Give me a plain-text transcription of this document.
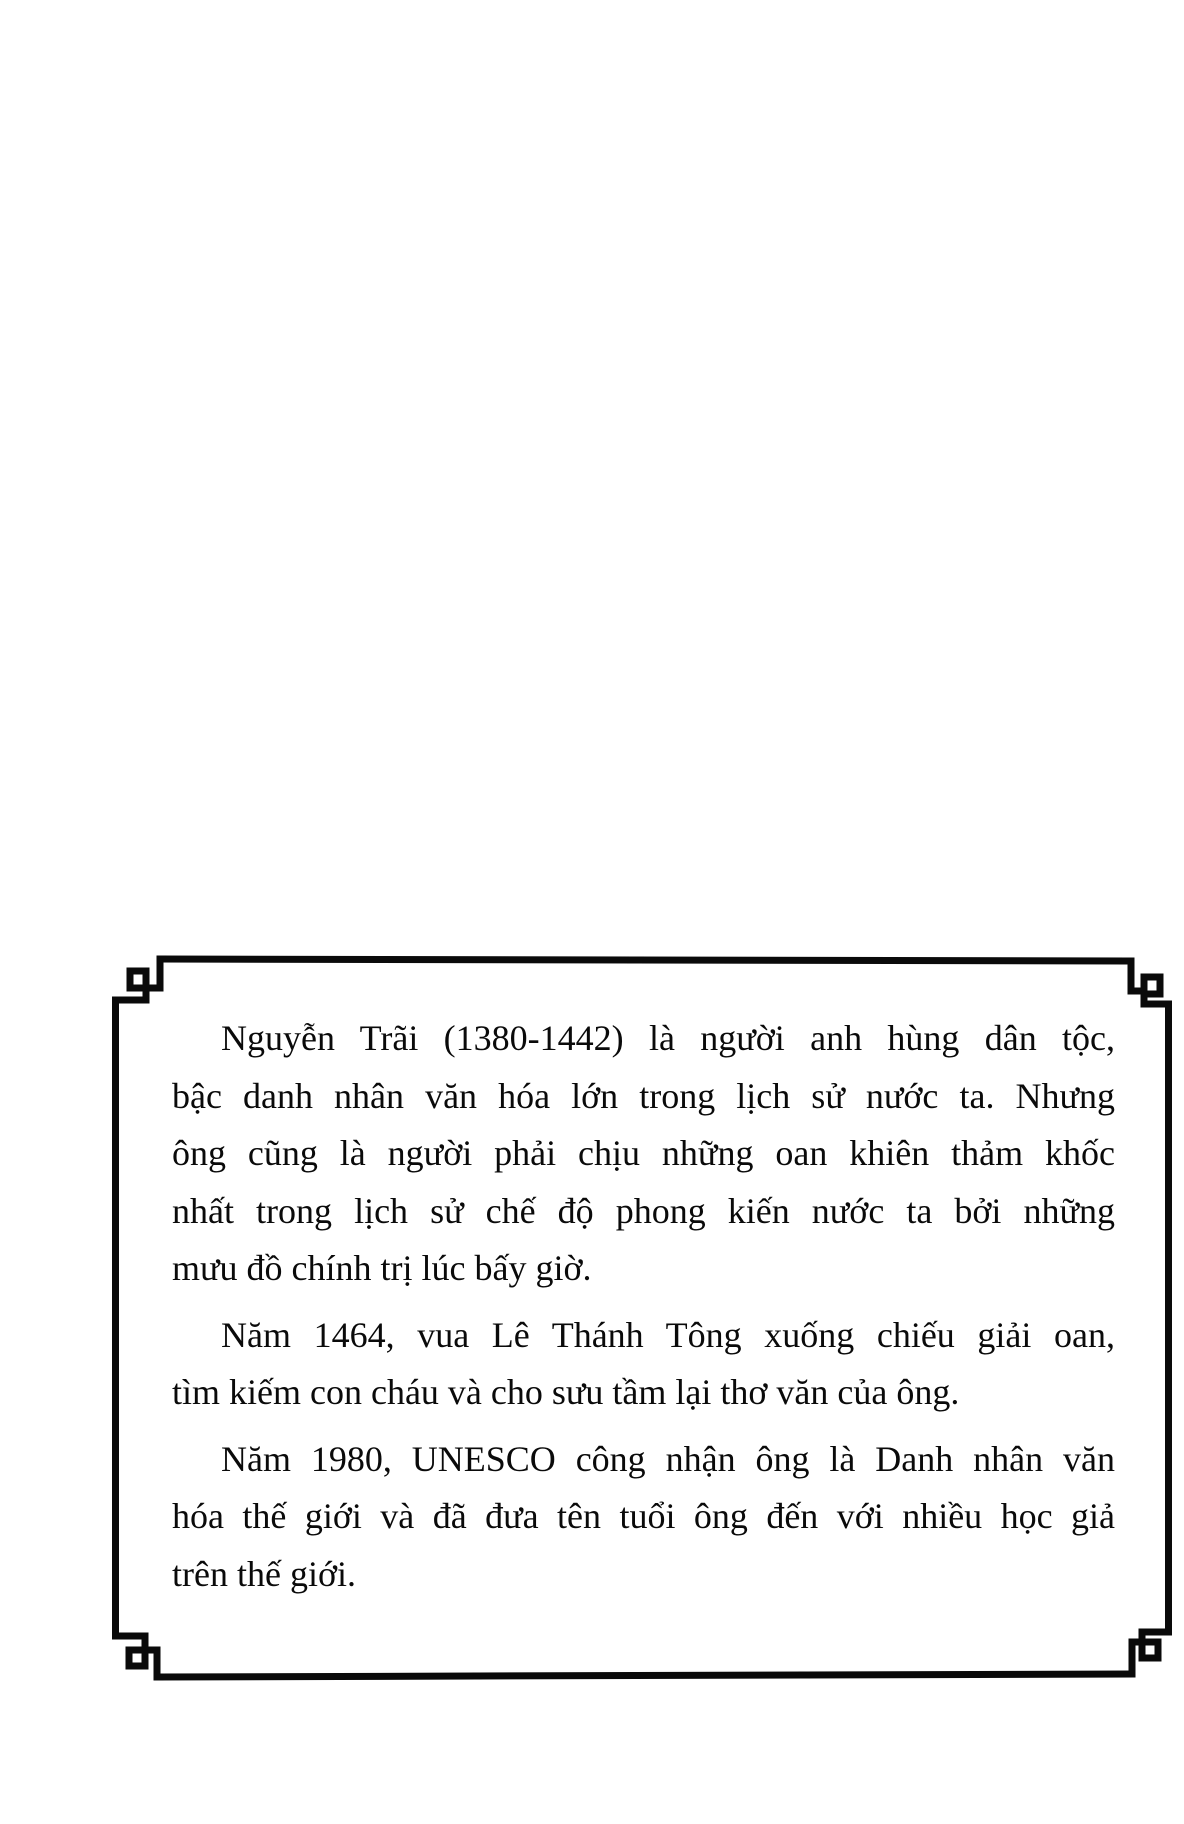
Nguyễn Trãi (1380-1442) là người anh hùng dân tộc,
bậc danh nhân văn hóa lớn trong lịch sử nước ta. Nhưng
ông cũng là người phải chịu những oan khiên thảm khốc
nhất trong lịch sử chế độ phong kiến nước ta bởi những
mưu đồ chính trị lúc bấy giờ.
Năm 1464, vua Lê Thánh Tông xuống chiếu giải oan,
tìm kiếm con cháu và cho sưu tầm lại thơ văn của ông.
Năm 1980, UNESCO công nhận ông là Danh nhân văn
hóa thế giới và đã đưa tên tuổi ông đến với nhiều học giả
trên thế giới.
